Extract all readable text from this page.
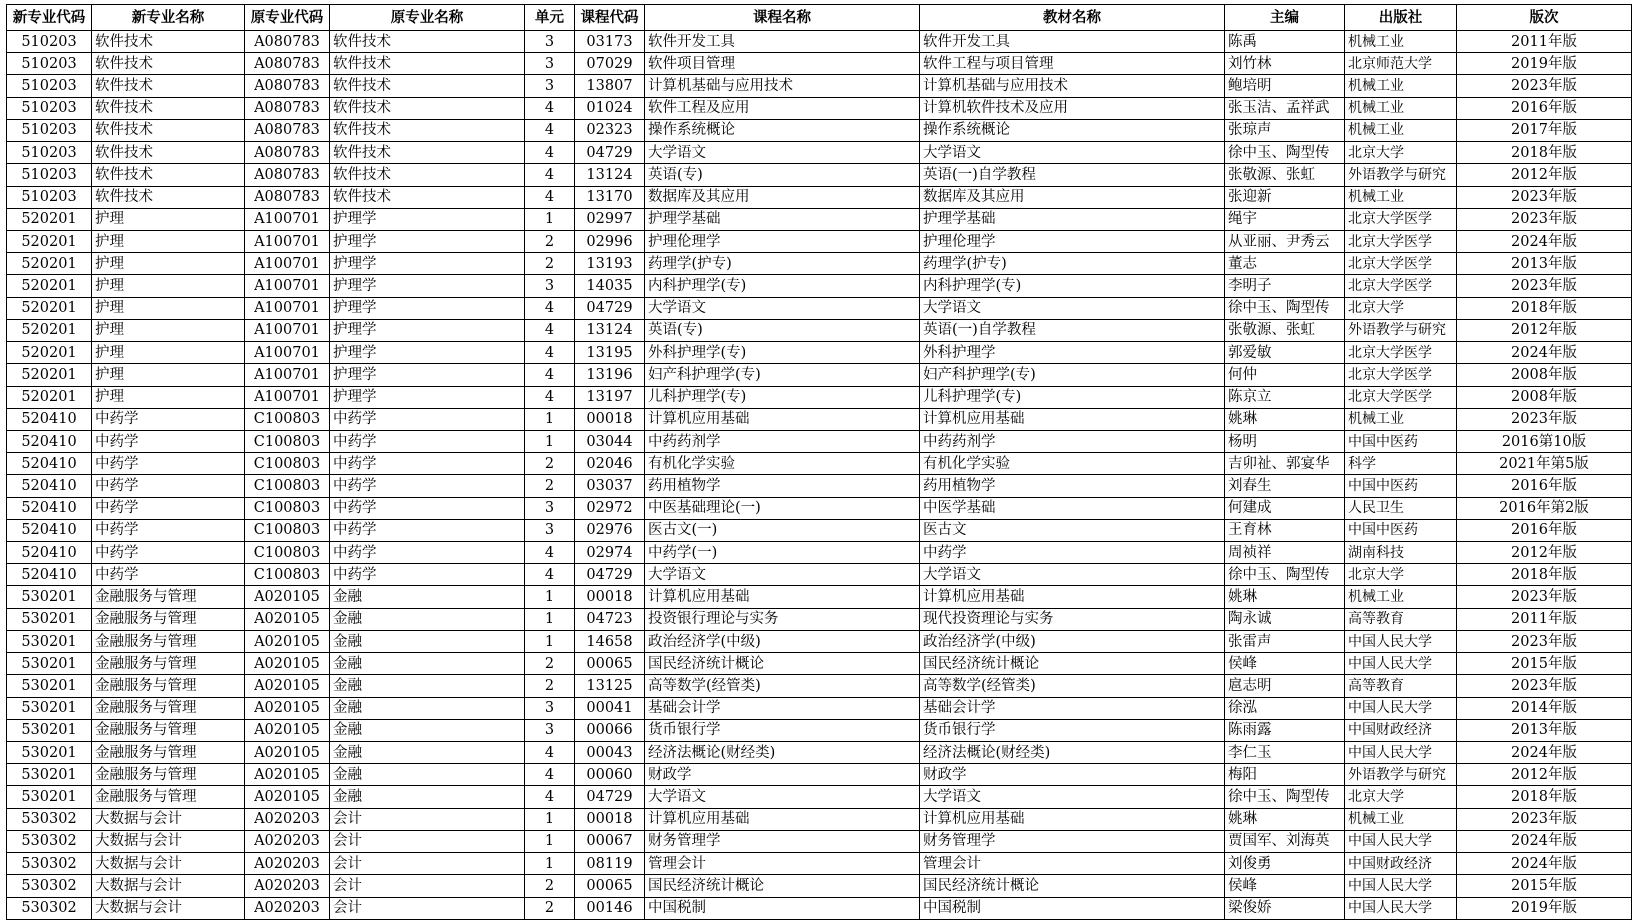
新专业代码	新专业名称	原专业代码	原专业名称	单元	课程代码	课程名称	教材名称	主编	出版社	版次
510203	软件技术	A080783	软件技术	3	03173	软件开发工具	软件开发工具	陈禹	机械工业	2011年版
510203	软件技术	A080783	软件技术	3	07029	软件项目管理	软件工程与项目管理	刘竹林	北京师范大学	2019年版
510203	软件技术	A080783	软件技术	3	13807	计算机基础与应用技术	计算机基础与应用技术	鲍培明	机械工业	2023年版
510203	软件技术	A080783	软件技术	4	01024	软件工程及应用	计算机软件技术及应用	张玉洁、孟祥武	机械工业	2016年版
510203	软件技术	A080783	软件技术	4	02323	操作系统概论	操作系统概论	张琼声	机械工业	2017年版
510203	软件技术	A080783	软件技术	4	04729	大学语文	大学语文	徐中玉、陶型传	北京大学	2018年版
510203	软件技术	A080783	软件技术	4	13124	英语(专)	英语(一)自学教程	张敬源、张虹	外语教学与研究	2012年版
510203	软件技术	A080783	软件技术	4	13170	数据库及其应用	数据库及其应用	张迎新	机械工业	2023年版
520201	护理	A100701	护理学	1	02997	护理学基础	护理学基础	绳宇	北京大学医学	2023年版
520201	护理	A100701	护理学	2	02996	护理伦理学	护理伦理学	从亚丽、尹秀云	北京大学医学	2024年版
520201	护理	A100701	护理学	2	13193	药理学(护专)	药理学(护专)	董志	北京大学医学	2013年版
520201	护理	A100701	护理学	3	14035	内科护理学(专)	内科护理学(专)	李明子	北京大学医学	2023年版
520201	护理	A100701	护理学	4	04729	大学语文	大学语文	徐中玉、陶型传	北京大学	2018年版
520201	护理	A100701	护理学	4	13124	英语(专)	英语(一)自学教程	张敬源、张虹	外语教学与研究	2012年版
520201	护理	A100701	护理学	4	13195	外科护理学(专)	外科护理学	郭爱敏	北京大学医学	2024年版
520201	护理	A100701	护理学	4	13196	妇产科护理学(专)	妇产科护理学(专)	何仲	北京大学医学	2008年版
520201	护理	A100701	护理学	4	13197	儿科护理学(专)	儿科护理学(专)	陈京立	北京大学医学	2008年版
520410	中药学	C100803	中药学	1	00018	计算机应用基础	计算机应用基础	姚琳	机械工业	2023年版
520410	中药学	C100803	中药学	1	03044	中药药剂学	中药药剂学	杨明	中国中医药	2016第10版
520410	中药学	C100803	中药学	2	02046	有机化学实验	有机化学实验	吉卯祉、郭宴华	科学	2021年第5版
520410	中药学	C100803	中药学	2	03037	药用植物学	药用植物学	刘春生	中国中医药	2016年版
520410	中药学	C100803	中药学	3	02972	中医基础理论(一)	中医学基础	何建成	人民卫生	2016年第2版
520410	中药学	C100803	中药学	3	02976	医古文(一)	医古文	王育林	中国中医药	2016年版
520410	中药学	C100803	中药学	4	02974	中药学(一)	中药学	周祯祥	湖南科技	2012年版
520410	中药学	C100803	中药学	4	04729	大学语文	大学语文	徐中玉、陶型传	北京大学	2018年版
530201	金融服务与管理	A020105	金融	1	00018	计算机应用基础	计算机应用基础	姚琳	机械工业	2023年版
530201	金融服务与管理	A020105	金融	1	04723	投资银行理论与实务	现代投资理论与实务	陶永诚	高等教育	2011年版
530201	金融服务与管理	A020105	金融	1	14658	政治经济学(中级)	政治经济学(中级)	张雷声	中国人民大学	2023年版
530201	金融服务与管理	A020105	金融	2	00065	国民经济统计概论	国民经济统计概论	侯峰	中国人民大学	2015年版
530201	金融服务与管理	A020105	金融	2	13125	高等数学(经管类)	高等数学(经管类)	扈志明	高等教育	2023年版
530201	金融服务与管理	A020105	金融	3	00041	基础会计学	基础会计学	徐泓	中国人民大学	2014年版
530201	金融服务与管理	A020105	金融	3	00066	货币银行学	货币银行学	陈雨露	中国财政经济	2013年版
530201	金融服务与管理	A020105	金融	4	00043	经济法概论(财经类)	经济法概论(财经类)	李仁玉	中国人民大学	2024年版
530201	金融服务与管理	A020105	金融	4	00060	财政学	财政学	梅阳	外语教学与研究	2012年版
530201	金融服务与管理	A020105	金融	4	04729	大学语文	大学语文	徐中玉、陶型传	北京大学	2018年版
530302	大数据与会计	A020203	会计	1	00018	计算机应用基础	计算机应用基础	姚琳	机械工业	2023年版
530302	大数据与会计	A020203	会计	1	00067	财务管理学	财务管理学	贾国军、刘海英	中国人民大学	2024年版
530302	大数据与会计	A020203	会计	1	08119	管理会计	管理会计	刘俊勇	中国财政经济	2024年版
530302	大数据与会计	A020203	会计	2	00065	国民经济统计概论	国民经济统计概论	侯峰	中国人民大学	2015年版
530302	大数据与会计	A020203	会计	2	00146	中国税制	中国税制	梁俊娇	中国人民大学	2019年版
